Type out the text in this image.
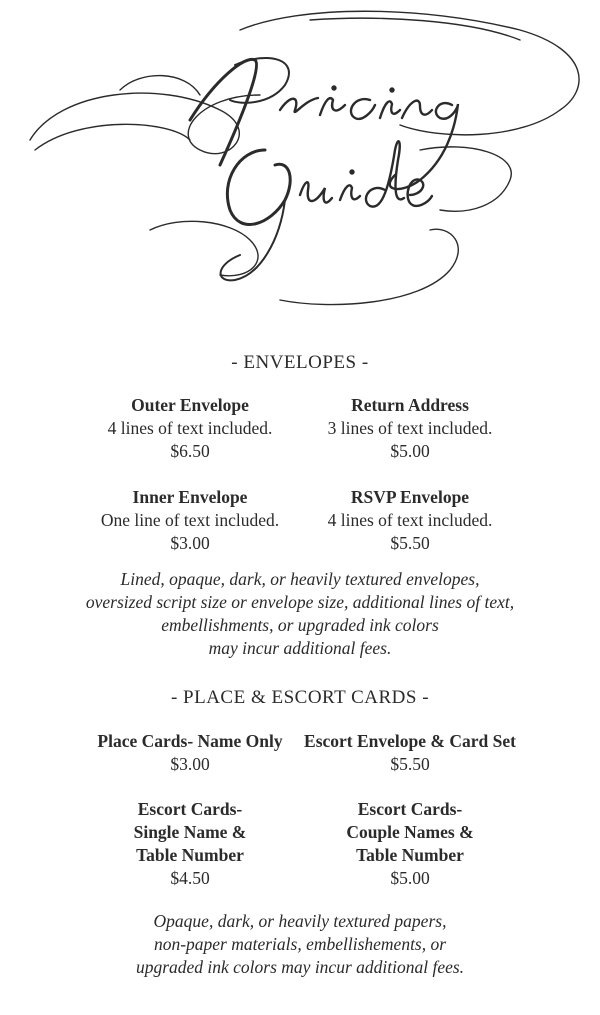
- ENVELOPES -
Outer Envelope
4 lines of text included.
$6.50
Return Address
3 lines of text included.
$5.00
Inner Envelope
One line of text included.
$3.00
RSVP Envelope
4 lines of text included.
$5.50
Lined, opaque, dark, or heavily textured envelopes,
oversized script size or envelope size, additional lines of text,
embellishments, or upgraded ink colors
may incur additional fees.
- PLACE & ESCORT CARDS -
Place Cards- Name Only
$3.00
Escort Envelope & Card Set
$5.50
Escort Cards-
Single Name &
Table Number
$4.50
Escort Cards-
Couple Names &
Table Number
$5.00
Opaque, dark, or heavily textured papers,
non-paper materials, embellishements, or
upgraded ink colors may incur additional fees.
